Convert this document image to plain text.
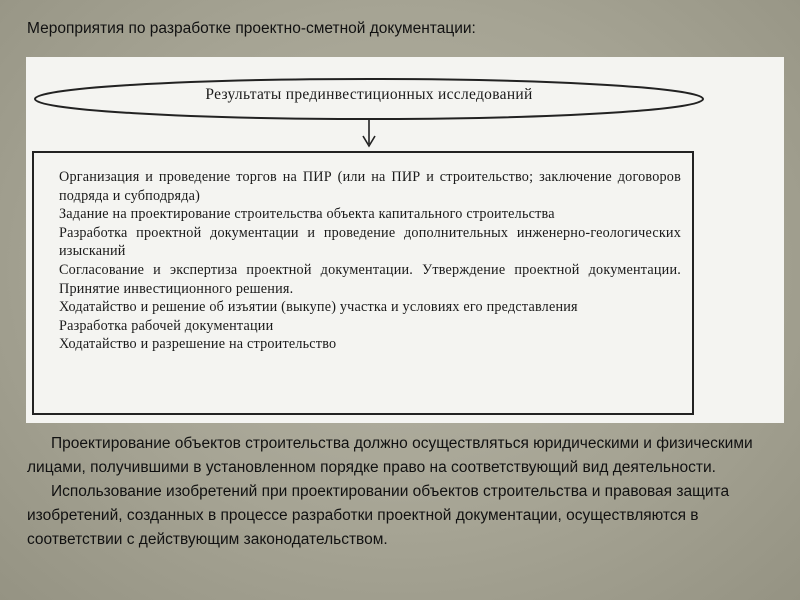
Мероприятия по разработке проектно-сметной документации:
Результаты прединвестиционных исследований

Организация и проведение торгов на ПИР (или на ПИР и строительство; заключение договоров подряда и субподряда)

Задание на проектирование строительства объекта капитального строительства

Разработка проектной документации и проведение дополнительных инженерно-геологических изысканий

Согласование и экспертиза проектной документации. Утверждение проектной документации. Принятие инвестиционного решения.

Ходатайство и решение об изъятии (выкупе) участка и условиях его представления

Разработка рабочей документации

Ходатайство и разрешение на строительство

Проектирование объектов строительства должно осуществляться юридическими и физическими лицами, получившими в установленном порядке право на соответствующий вид деятельности.

Использование изобретений при проектировании объектов строительства и правовая защита изобретений, созданных в процессе разработки проектной документации, осуществляются в соответствии с действующим законодательством.
